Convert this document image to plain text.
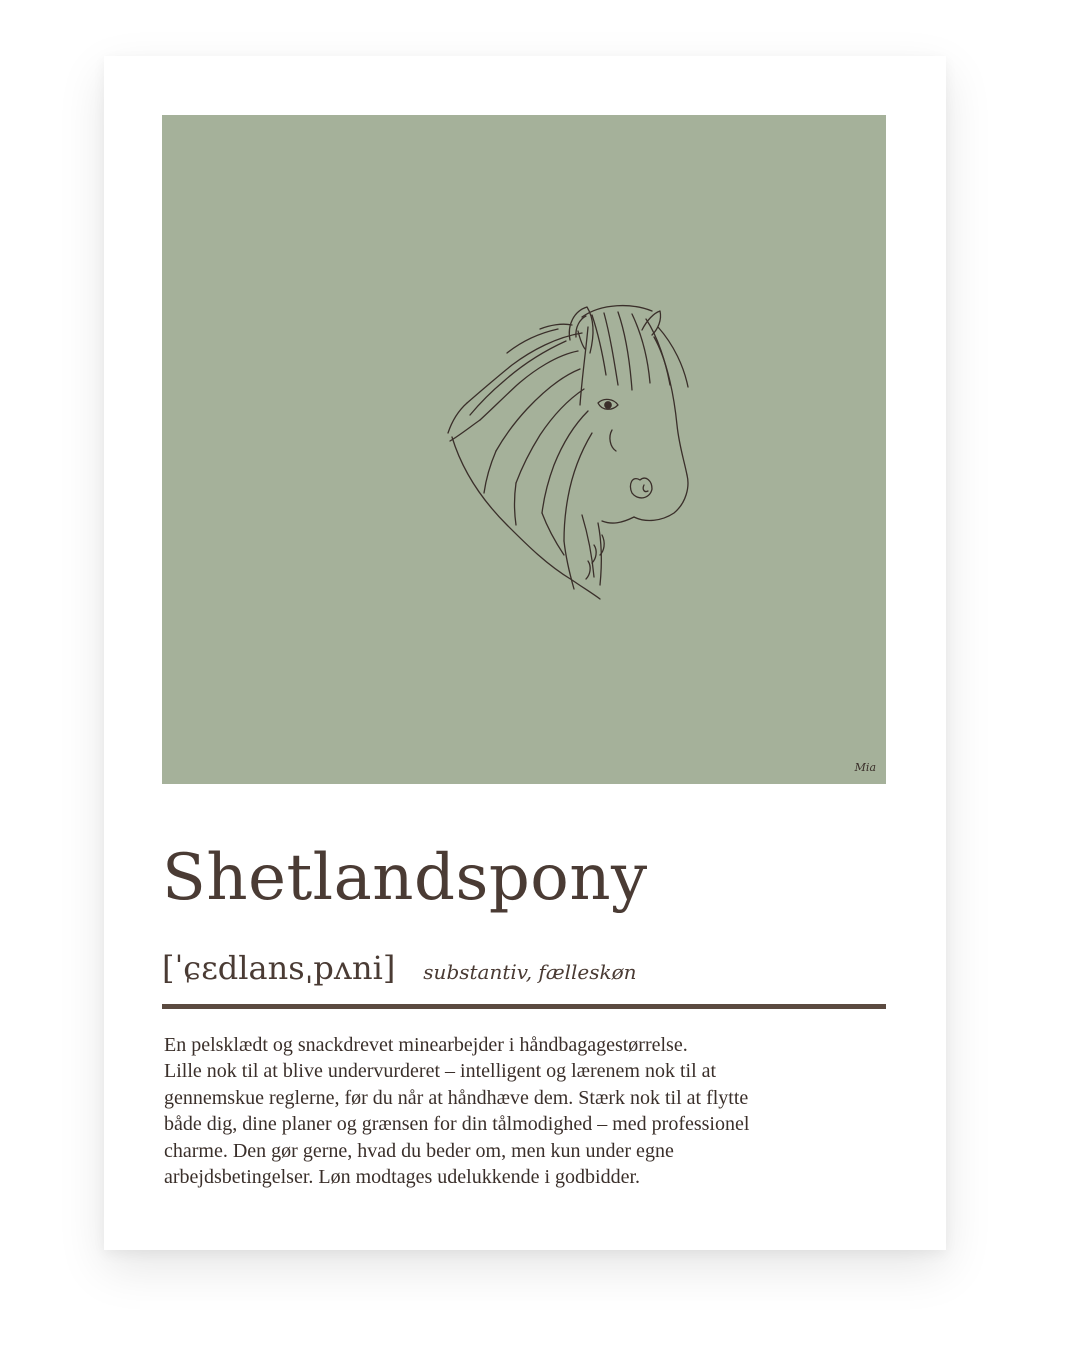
Mia
Shetlandspony
[ˈɕɛdlansˌpʌni] substantiv, fælleskøn

En pelsklædt og snackdrevet minearbejder i håndbagagestørrelse.
Lille nok til at blive undervurderet – intelligent og lærenem nok til at
gennemskue reglerne, før du når at håndhæve dem. Stærk nok til at flytte
både dig, dine planer og grænsen for din tålmodighed – med professionel
charme. Den gør gerne, hvad du beder om, men kun under egne
arbejdsbetingelser. Løn modtages udelukkende i godbidder.
